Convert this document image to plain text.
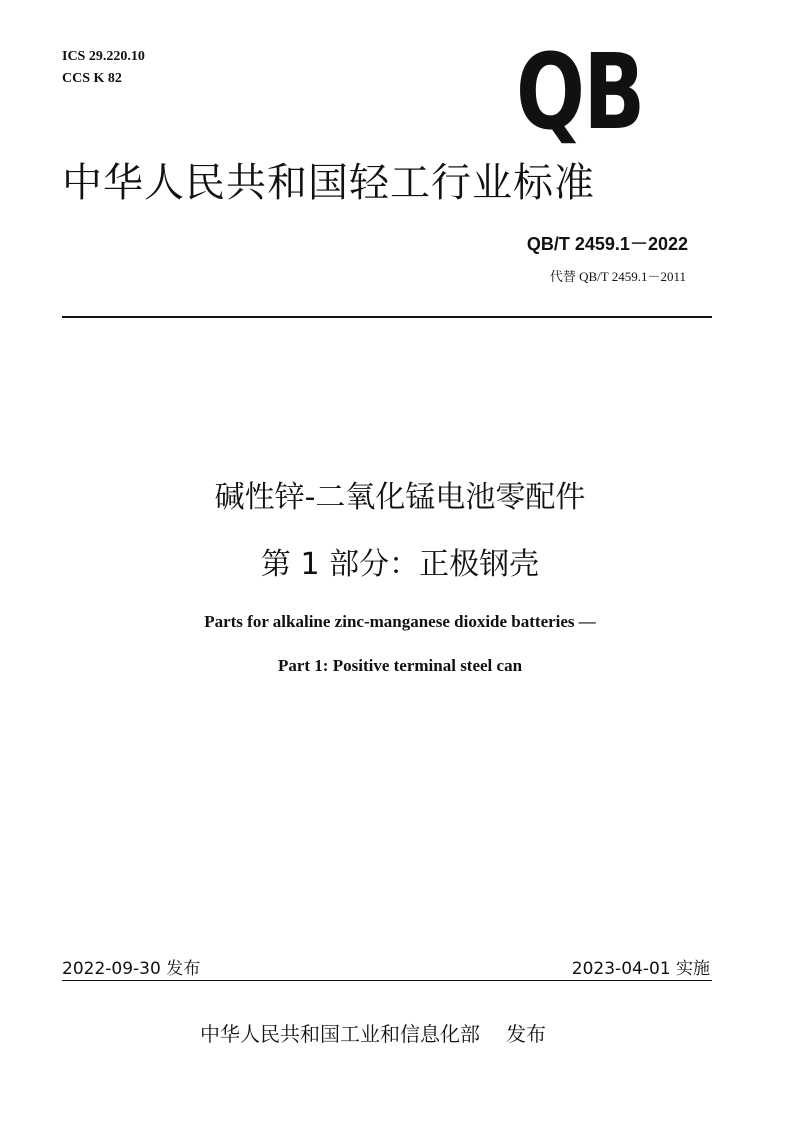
ICS 29.220.10
CCS K 82	QB
中华人民共和国轻工行业标准
QB/T 2459.1－2022
代替 QB/T 2459.1－2011
碱性锌-二氧化锰电池零配件
第 1 部分：正极钢壳
Parts for alkaline zinc-manganese dioxide batteries —
Part 1: Positive terminal steel can
2022-09-30 发布	2023-04-01 实施
中华人民共和国工业和信息化部 发布
